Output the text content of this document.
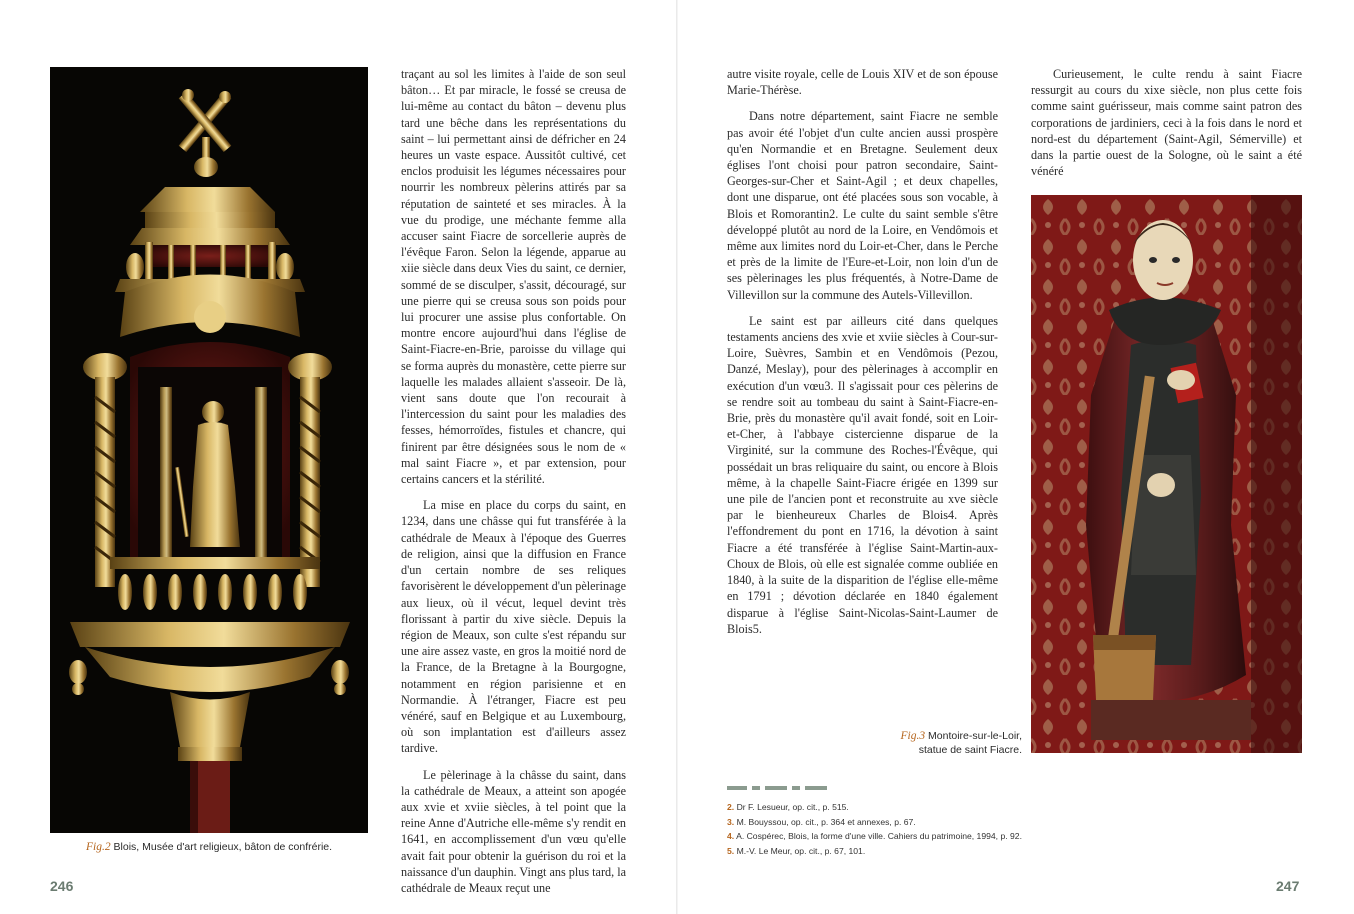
Fig.2 Blois, Musée d'art religieux, bâton de confrérie.

traçant au sol les limites à l'aide de son seul bâton… Et par miracle, le fossé se creusa de lui-même au contact du bâton – devenu plus tard une bêche dans les représentations du saint – lui permettant ainsi de défricher en 24 heures un vaste espace. Aussitôt cultivé, cet enclos produisit les légumes nécessaires pour nourrir les nombreux pèlerins attirés par sa réputation de sainteté et ses miracles. À la vue du prodige, une méchante femme alla accuser saint Fiacre de sorcellerie auprès de l'évêque Faron. Selon la légende, apparue au xiie siècle dans deux Vies du saint, ce dernier, sommé de se disculper, s'assit, découragé, sur une pierre qui se creusa sous son poids pour lui procurer une assise plus confortable. On montre encore aujourd'hui dans l'église de Saint-Fiacre-en-Brie, paroisse du village qui se forma auprès du monastère, cette pierre sur laquelle les malades allaient s'asseoir. De là, vient sans doute que l'on recourait à l'intercession du saint pour les maladies des fesses, hémorroïdes, fistules et chancre, qui finirent par être désignées sous le nom de « mal saint Fiacre », et par extension, pour certains cancers et la stérilité.

La mise en place du corps du saint, en 1234, dans une châsse qui fut transférée à la cathédrale de Meaux à l'époque des Guerres de religion, ainsi que la diffusion en France d'un certain nombre de ses reliques favorisèrent le développement d'un pèlerinage aux lieux, où il vécut, lequel devint très florissant à partir du xive siècle. Depuis la région de Meaux, son culte s'est répandu sur une aire assez vaste, en gros la moitié nord de la France, de la Bretagne à la Bourgogne, notamment en région parisienne et en Normandie. À l'étranger, Fiacre est peu vénéré, sauf en Belgique et au Luxembourg, où son implantation est d'ailleurs assez tardive.

Le pèlerinage à la châsse du saint, dans la cathédrale de Meaux, a atteint son apogée aux xvie et xviie siècles, à tel point que la reine Anne d'Autriche elle-même s'y rendit en 1641, en accomplissement d'un vœu qu'elle avait fait pour obtenir la guérison du roi et la naissance d'un dauphin. Vingt ans plus tard, la cathédrale de Meaux reçut une

246

autre visite royale, celle de Louis XIV et de son épouse Marie-Thérèse.

Dans notre département, saint Fiacre ne semble pas avoir été l'objet d'un culte ancien aussi prospère qu'en Normandie et en Bretagne. Seulement deux églises l'ont choisi pour patron secondaire, Saint-Georges-sur-Cher et Saint-Agil ; et deux chapelles, dont une disparue, ont été placées sous son vocable, à Blois et Romorantin2. Le culte du saint semble s'être développé plutôt au nord de la Loire, en Vendômois et même aux limites nord du Loir-et-Cher, dans le Perche et près de la limite de l'Eure-et-Loir, non loin d'un de ses pèlerinages les plus fréquentés, à Notre-Dame de Villevillon sur la commune des Autels-Villevillon.

Le saint est par ailleurs cité dans quelques testaments anciens des xvie et xviie siècles à Cour-sur-Loire, Suèvres, Sambin et en Vendômois (Pezou, Danzé, Meslay), pour des pèlerinages à accomplir en exécution d'un vœu3. Il s'agissait pour ces pèlerins de se rendre soit au tombeau du saint à Saint-Fiacre-en-Brie, près du monastère qu'il avait fondé, soit en Loir-et-Cher, à l'abbaye cistercienne disparue de la Virginité, sur la commune des Roches-l'Évêque, qui possédait un bras reliquaire du saint, ou encore à Blois même, à la chapelle Saint-Fiacre érigée en 1399 sur une pile de l'ancien pont et reconstruite au xve siècle par le bienheureux Charles de Blois4. Après l'effondrement du pont en 1716, la dévotion à saint Fiacre a été transférée à l'église Saint-Martin-aux-Choux de Blois, où elle est signalée comme oubliée en 1840, à la suite de la disparition de l'église elle-même en 1791 ; dévotion déclarée en 1840 également disparue à l'église Saint-Nicolas-Saint-Laumer de Blois5.

Curieusement, le culte rendu à saint Fiacre ressurgit au cours du xixe siècle, non plus cette fois comme saint guérisseur, mais comme saint patron des corporations de jardiniers, ceci à la fois dans le nord et nord-est du département (Saint-Agil, Sémerville) et dans la partie ouest de la Sologne, où le saint a été vénéré

Fig.3 Montoire-sur-le-Loir,
statue de saint Fiacre.
2. Dr F. Lesueur, op. cit., p. 515.
3. M. Bouyssou, op. cit., p. 364 et annexes, p. 67.
4. A. Cospérec, Blois, la forme d'une ville. Cahiers du patrimoine, 1994, p. 92.
5. M.-V. Le Meur, op. cit., p. 67, 101.
247
